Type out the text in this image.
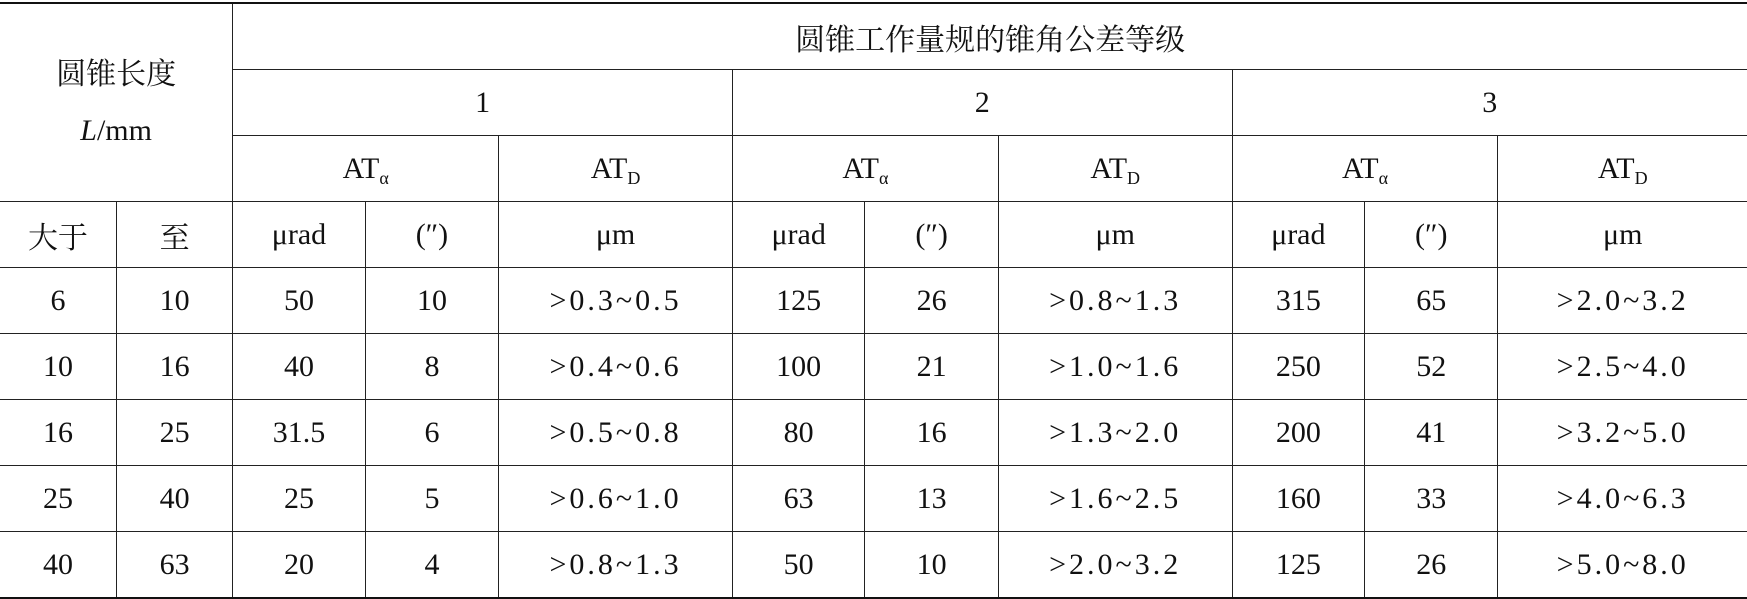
圆锥长度
L/mm		圆锥工作量规的锥角公差等级								
		1			2			3		
		$AT_\alpha$		$AT_D$	$AT_\alpha$		$AT_D$	$AT_\alpha$		$AT_D$
大于	至	μrad	(″)	μm	μrad	(″)	μm	μrad	(″)	μm
6	10	50	10	>0.3~0.5	125	26	>0.8~1.3	315	65	>2.0~3.2
10	16	40	8	>0.4~0.6	100	21	>1.0~1.6	250	52	>2.5~4.0
16	25	31.5	6	>0.5~0.8	80	16	>1.3~2.0	200	41	>3.2~5.0
25	40	25	5	>0.6~1.0	63	13	>1.6~2.5	160	33	>4.0~6.3
40	63	20	4	>0.8~1.3	50	10	>2.0~3.2	125	26	>5.0~8.0
